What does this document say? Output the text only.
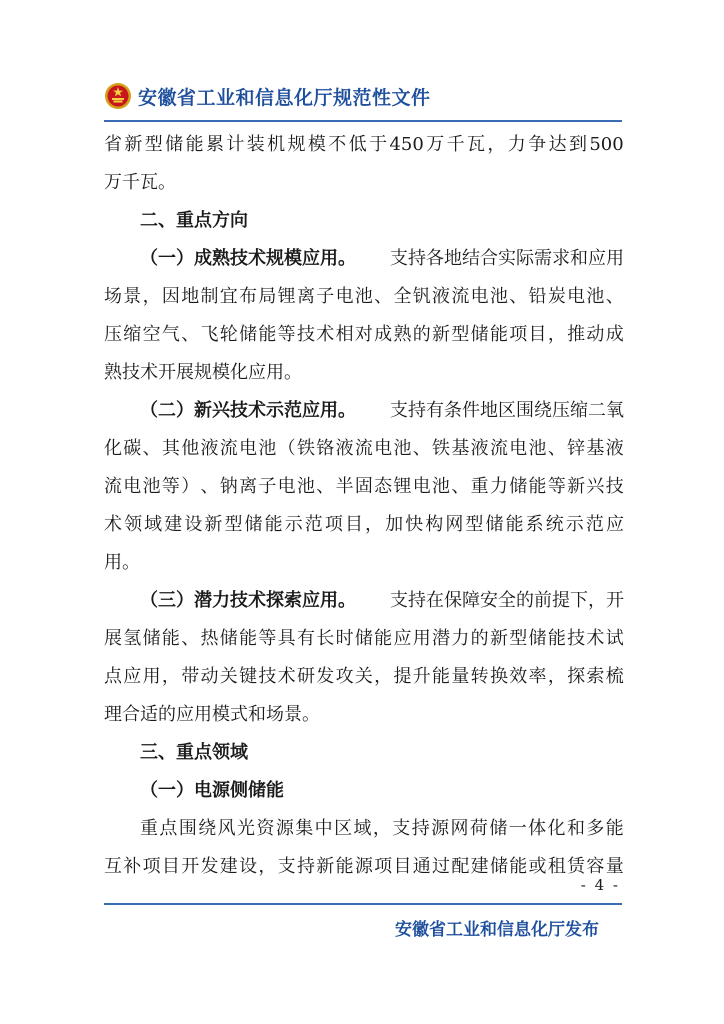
安徽省工业和信息化厅规范性文件
省 新 型 储 能 累 计 装 机 规 模 不 低 于 450 万 千 瓦 ， 力 争 达 到 500
万千瓦。
二、重点方向
（一）成熟技术规模应用。 支持各地结合实际需求和应用
场 景 ， 因 地 制 宜 布 局 锂 离 子 电 池 、 全 钒 液 流 电 池 、 铅 炭 电 池 、
压 缩 空 气 、 飞 轮 储 能 等 技 术 相 对 成 熟 的 新 型 储 能 项 目 ， 推 动 成
熟技术开展规模化应用。
（二）新兴技术示范应用。 支持有条件地区围绕压缩二氧
化 碳 、 其 他 液 流 电 池 （ 铁 铬 液 流 电 池 、 铁 基 液 流 电 池 、 锌 基 液
流 电 池 等 ） 、 钠 离 子 电 池 、 半 固 态 锂 电 池 、 重 力 储 能 等 新 兴 技
术 领 域 建 设 新 型 储 能 示 范 项 目 ， 加 快 构 网 型 储 能 系 统 示 范 应
用。
（三）潜力技术探索应用。 支持在保障安全的前提下，开
展 氢 储 能 、 热 储 能 等 具 有 长 时 储 能 应 用 潜 力 的 新 型 储 能 技 术 试
点 应 用 ， 带 动 关 键 技 术 研 发 攻 关 ， 提 升 能 量 转 换 效 率 ， 探 索 梳
理合适的应用模式和场景。
三、重点领域
（一）电源侧储能
重 点 围 绕 风 光 资 源 集 中 区 域 ， 支 持 源 网 荷 储 一 体 化 和 多 能
互 补 项 目 开 发 建 设 ， 支 持 新 能 源 项 目 通 过 配 建 储 能 或 租 赁 容 量
- 4 -
安徽省工业和信息化厅发布
